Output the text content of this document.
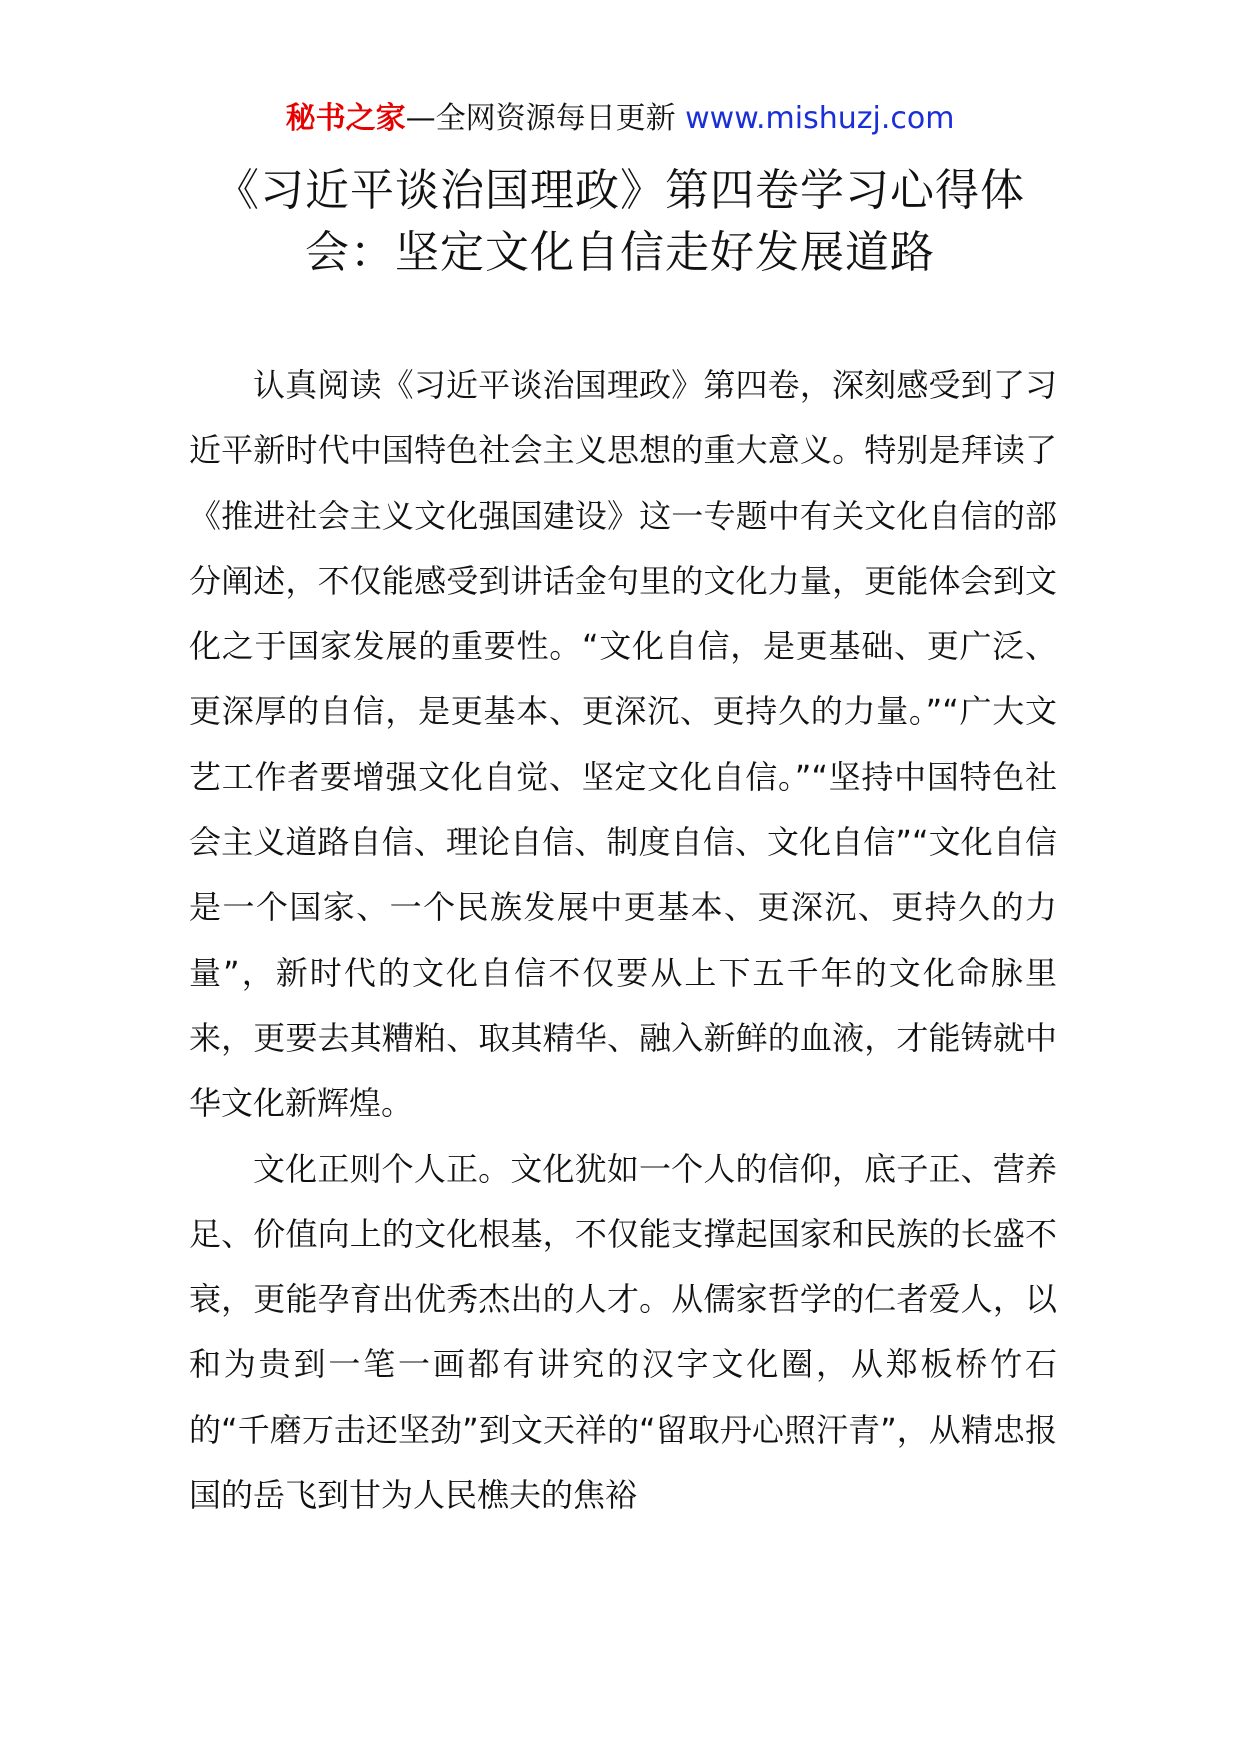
秘书之家—全网资源每日更新 www.mishuzj.com
《习近平谈治国理政》第四卷学习心得体会：坚定文化自信走好发展道路

认真阅读《习近平谈治国理政》第四卷，深刻感受到了习近平新时代中国特色社会主义思想的重大意义。特别是拜读了《推进社会主义文化强国建设》这一专题中有关文化自信的部分阐述，不仅能感受到讲话金句里的文化力量，更能体会到文化之于国家发展的重要性。“文化自信，是更基础、更广泛、更深厚的自信，是更基本、更深沉、更持久的力量。”“广大文艺工作者要增强文化自觉、坚定文化自信。”“坚持中国特色社会主义道路自信、理论自信、制度自信、文化自信”“文化自信是一个国家、一个民族发展中更基本、更深沉、更持久的力量”，新时代的文化自信不仅要从上下五千年的文化命脉里来，更要去其糟粕、取其精华、融入新鲜的血液，才能铸就中华文化新辉煌。

文化正则个人正。文化犹如一个人的信仰，底子正、营养足、价值向上的文化根基，不仅能支撑起国家和民族的长盛不衰，更能孕育出优秀杰出的人才。从儒家哲学的仁者爱人，以和为贵到一笔一画都有讲究的汉字文化圈，从郑板桥竹石的“千磨万击还坚劲”到文天祥的“留取丹心照汗青”，从精忠报国的岳飞到甘为人民樵夫的焦裕
